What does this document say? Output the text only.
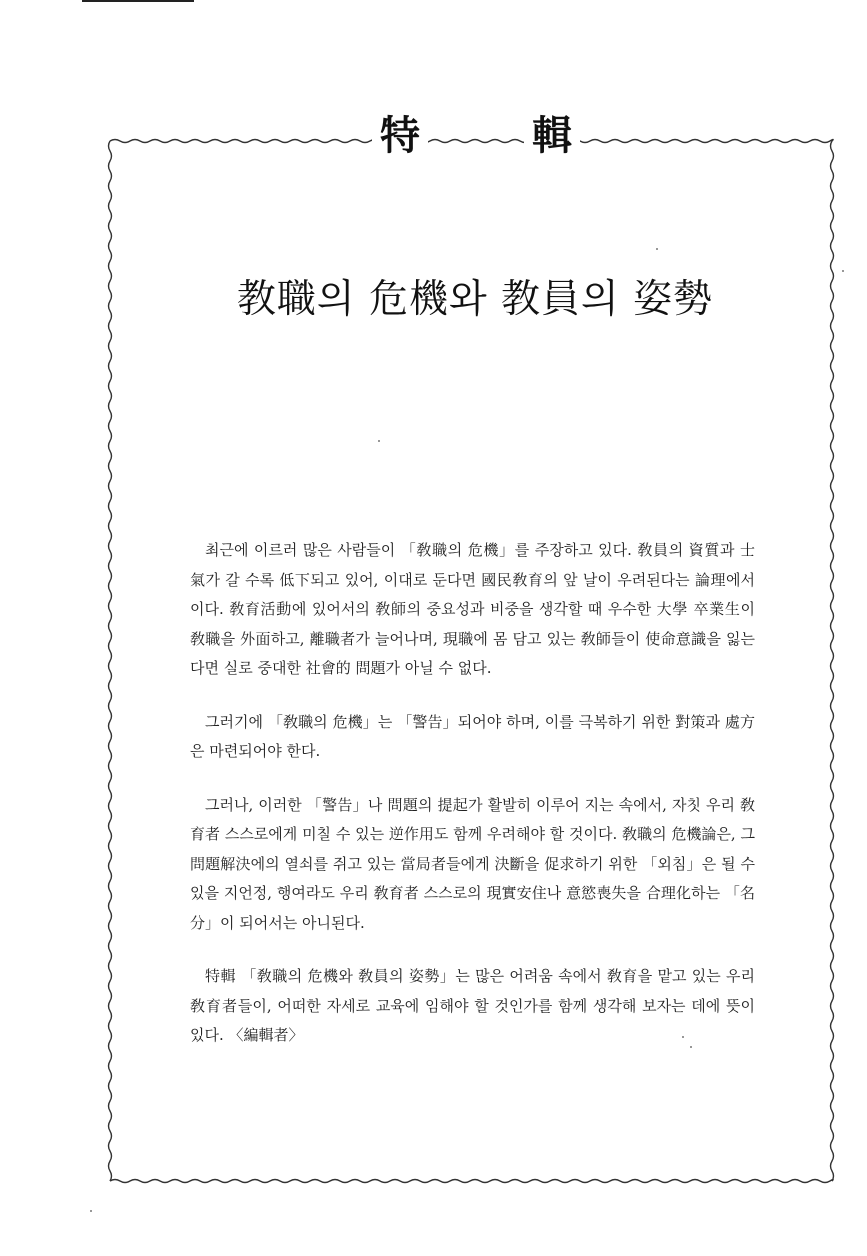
特	輯
教職의 危機와 教員의 姿勢

최근에 이르러 많은 사람들이 「敎職의 危機」를 주장하고 있다. 敎員의 資質과 士氣가 갈 수록 低下되고 있어, 이대로 둔다면 國民敎育의 앞 날이 우려된다는 論理에서 이다. 敎育活動에 있어서의 敎師의 중요성과 비중을 생각할 때 우수한 大學 卒業生이 敎職을 外面하고, 離職者가 늘어나며, 現職에 몸 담고 있는 敎師들이 使命意識을 잃는다면 실로 중대한 社會的 問題가 아닐 수 없다.

그러기에 「敎職의 危機」는 「警告」되어야 하며, 이를 극복하기 위한 對策과 處方은 마련되어야 한다.

그러나, 이러한 「警告」나 問題의 提起가 활발히 이루어 지는 속에서, 자칫 우리 敎育者 스스로에게 미칠 수 있는 逆作用도 함께 우려해야 할 것이다. 敎職의 危機論은, 그 問題解決에의 열쇠를 쥐고 있는 當局者들에게 決斷을 促求하기 위한 「외침」은 될 수 있을 지언정, 행여라도 우리 敎育者 스스로의 現實安住나 意慾喪失을 合理化하는 「名分」이 되어서는 아니된다.

特輯 「敎職의 危機와 敎員의 姿勢」는 많은 어려움 속에서 敎育을 맡고 있는 우리 敎育者들이, 어떠한 자세로 교육에 임해야 할 것인가를 함께 생각해 보자는 데에 뜻이 있다. 〈編輯者〉
